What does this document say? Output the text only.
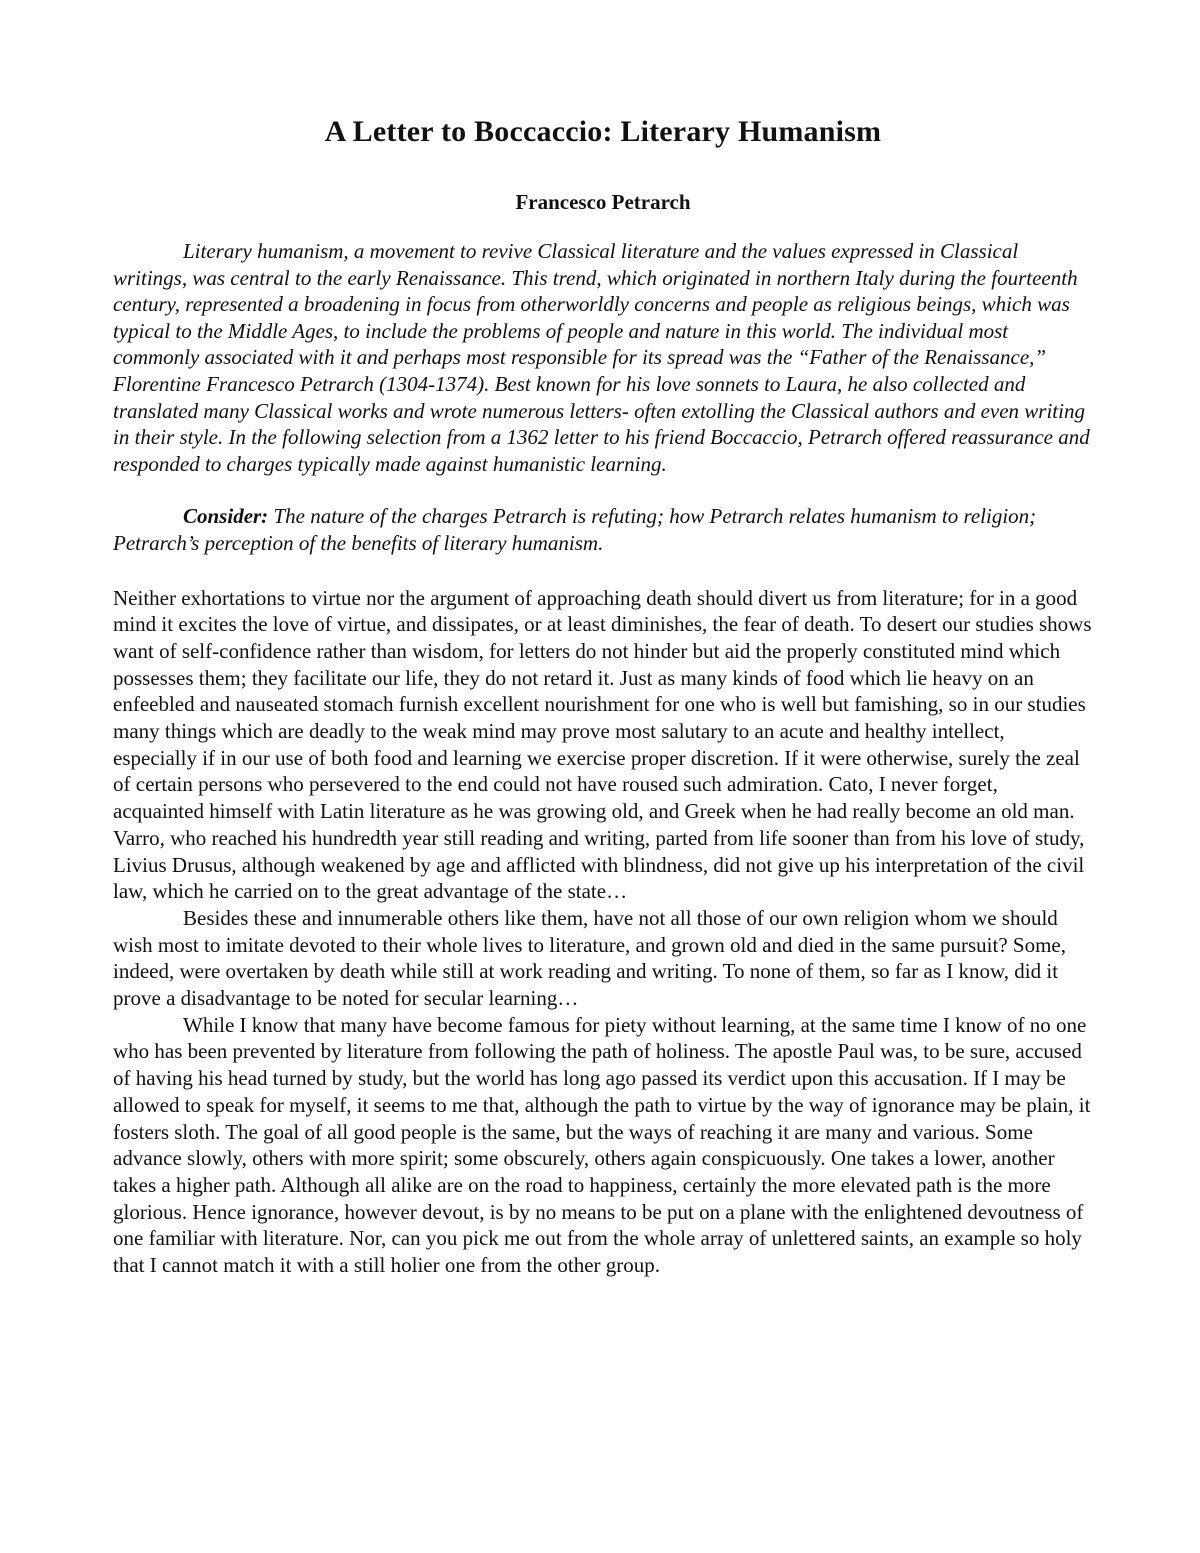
A Letter to Boccaccio: Literary Humanism
Francesco Petrarch

Literary humanism, a movement to revive Classical literature and the values expressed in Classical writings, was central to the early Renaissance. This trend, which originated in northern Italy during the fourteenth century, represented a broadening in focus from otherworldly concerns and people as religious beings, which was typical to the Middle Ages, to include the problems of people and nature in this world. The individual most commonly associated with it and perhaps most responsible for its spread was the “Father of the Renaissance,” Florentine Francesco Petrarch (1304-1374). Best known for his love sonnets to Laura, he also collected and translated many Classical works and wrote numerous letters- often extolling the Classical authors and even writing in their style. In the following selection from a 1362 letter to his friend Boccaccio, Petrarch offered reassurance and responded to charges typically made against humanistic learning.

Consider: The nature of the charges Petrarch is refuting; how Petrarch relates humanism to religion; Petrarch’s perception of the benefits of literary humanism.

Neither exhortations to virtue nor the argument of approaching death should divert us from literature; for in a good mind it excites the love of virtue, and dissipates, or at least diminishes, the fear of death. To desert our studies shows want of self-confidence rather than wisdom, for letters do not hinder but aid the properly constituted mind which possesses them; they facilitate our life, they do not retard it. Just as many kinds of food which lie heavy on an enfeebled and nauseated stomach furnish excellent nourishment for one who is well but famishing, so in our studies many things which are deadly to the weak mind may prove most salutary to an acute and healthy intellect, especially if in our use of both food and learning we exercise proper discretion. If it were otherwise, surely the zeal of certain persons who persevered to the end could not have roused such admiration. Cato, I never forget, acquainted himself with Latin literature as he was growing old, and Greek when he had really become an old man. Varro, who reached his hundredth year still reading and writing, parted from life sooner than from his love of study, Livius Drusus, although weakened by age and afflicted with blindness, did not give up his interpretation of the civil law, which he carried on to the great advantage of the state…

Besides these and innumerable others like them, have not all those of our own religion whom we should wish most to imitate devoted to their whole lives to literature, and grown old and died in the same pursuit? Some, indeed, were overtaken by death while still at work reading and writing. To none of them, so far as I know, did it prove a disadvantage to be noted for secular learning…

While I know that many have become famous for piety without learning, at the same time I know of no one who has been prevented by literature from following the path of holiness. The apostle Paul was, to be sure, accused of having his head turned by study, but the world has long ago passed its verdict upon this accusation. If I may be allowed to speak for myself, it seems to me that, although the path to virtue by the way of ignorance may be plain, it fosters sloth. The goal of all good people is the same, but the ways of reaching it are many and various. Some advance slowly, others with more spirit; some obscurely, others again conspicuously. One takes a lower, another takes a higher path. Although all alike are on the road to happiness, certainly the more elevated path is the more glorious. Hence ignorance, however devout, is by no means to be put on a plane with the enlightened devoutness of one familiar with literature. Nor, can you pick me out from the whole array of unlettered saints, an example so holy that I cannot match it with a still holier one from the other group.
